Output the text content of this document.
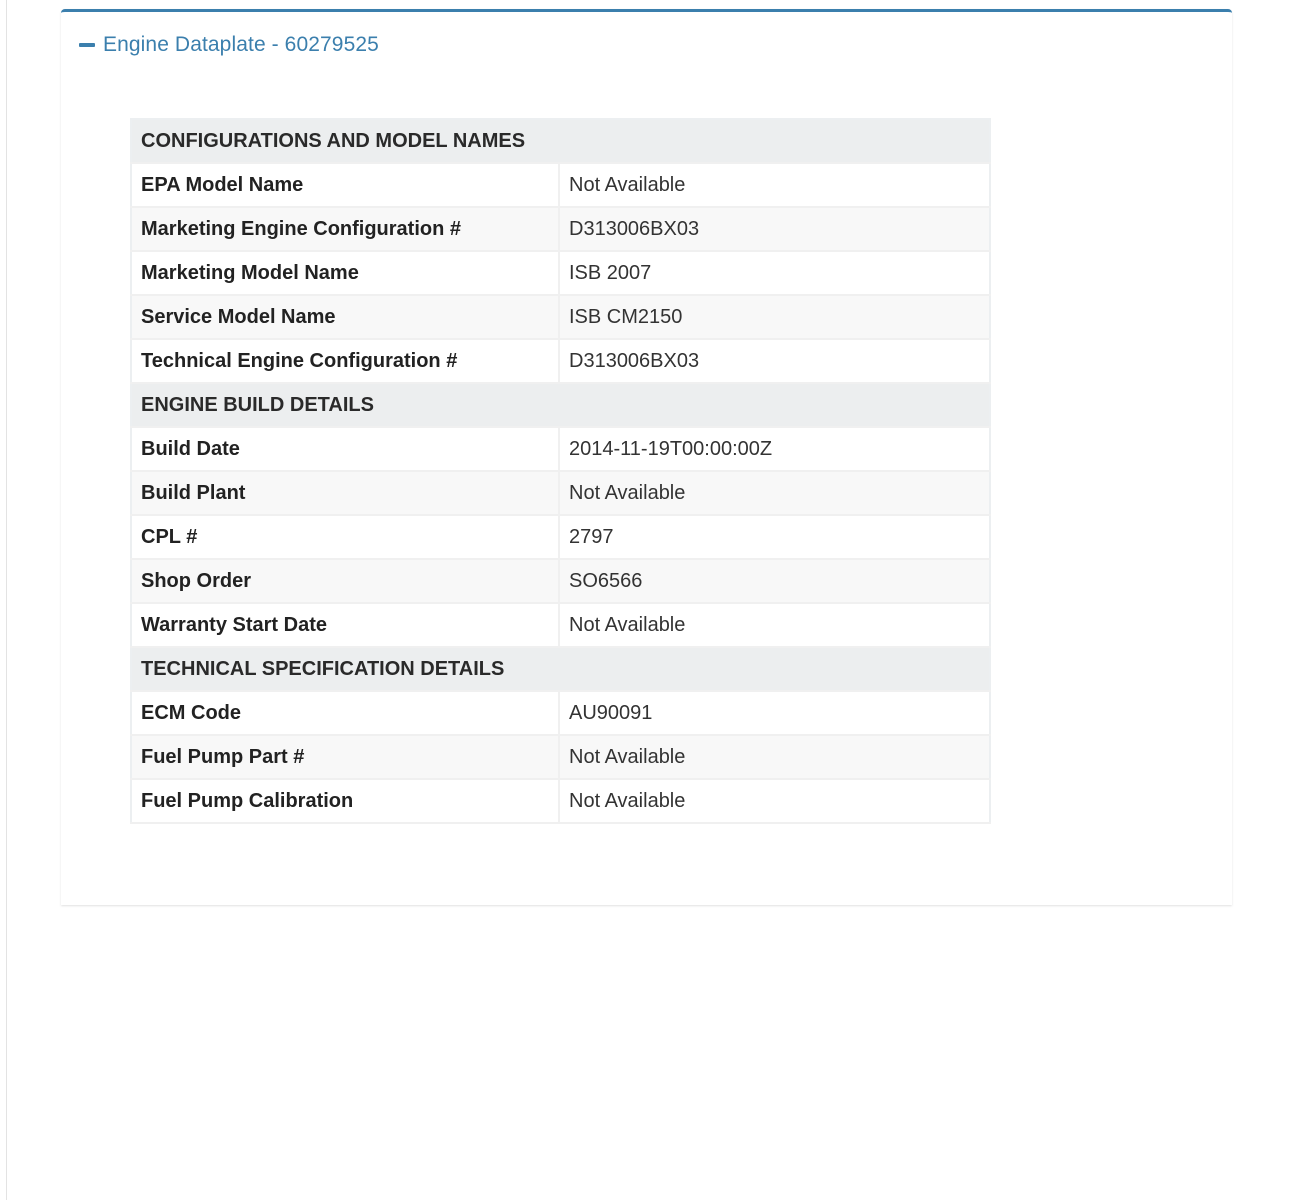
Engine Dataplate - 60279525
CONFIGURATIONS AND MODEL NAMES	
EPA Model Name	Not Available
Marketing Engine Configuration #	D313006BX03
Marketing Model Name	ISB 2007
Service Model Name	ISB CM2150
Technical Engine Configuration #	D313006BX03
ENGINE BUILD DETAILS	
Build Date	2014-11-19T00:00:00Z
Build Plant	Not Available
CPL #	2797
Shop Order	SO6566
Warranty Start Date	Not Available
TECHNICAL SPECIFICATION DETAILS	
ECM Code	AU90091
Fuel Pump Part #	Not Available
Fuel Pump Calibration	Not Available
